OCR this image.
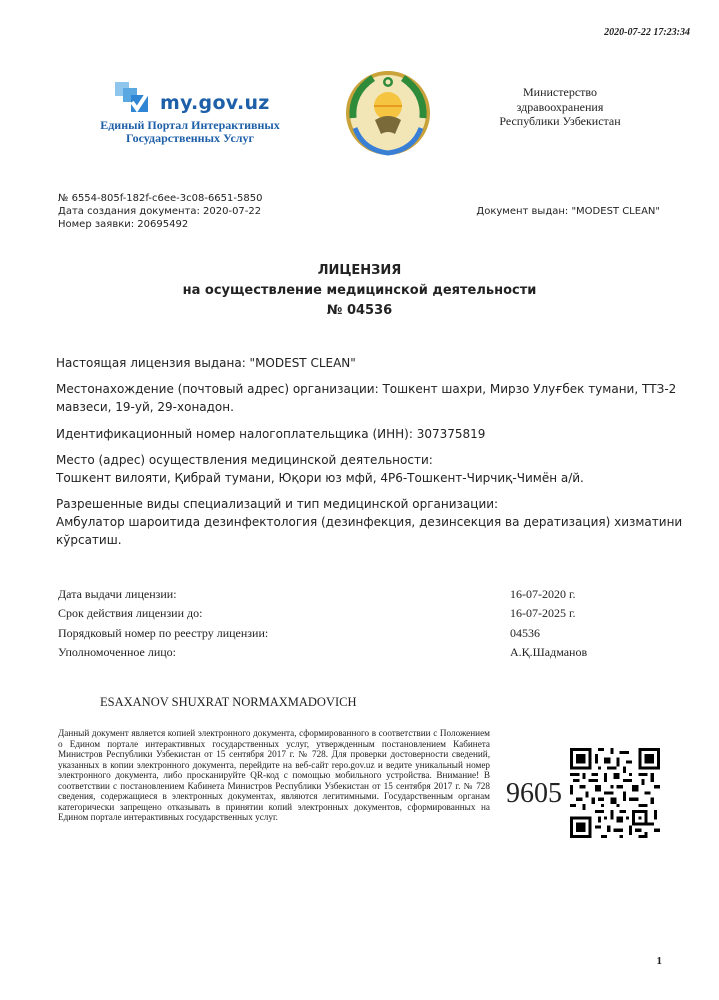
2020-07-22 17:23:34
my.gov.uz
Единый Портал Интерактивных
Государственных Услуг
Министерство
здравоохранения
Республики Узбекистан
№ 6554-805f-182f-c6ee-3c08-6651-5850
Дата создания документа: 2020-07-22
Номер заявки: 20695492
Документ выдан: "MODEST CLEAN"
ЛИЦЕНЗИЯ
на осуществление медицинской деятельности
№ 04536
Настоящая лицензия выдана: "MODEST CLEAN"
Местонахождение (почтовый адрес) организации: Тошкент шахри, Мирзо Улуғбек тумани, ТТЗ-2
мавзеси, 19-уй, 29-хонадон.
Идентификационный номер налогоплательщика (ИНН): 307375819
Место (адрес) осуществления медицинской деятельности:
Тошкент вилояти, Қибрай тумани, Юқори юз мфй, 4Р6-Тошкент-Чирчиқ-Чимён а/й.
Разрешенные виды специализаций и тип медицинской организации:
Амбулатор шароитида дезинфектология (дезинфекция, дезинсекция ва дератизация) хизматини
кўрсатиш.
Дата выдачи лицензии:	16-07-2020 г.
Срок действия лицензии до:	16-07-2025 г.
Порядковый номер по реестру лицензии:	04536
Уполномоченное лицо:	А.Қ.Шадманов
ESAXANOV SHUXRAT NORMAXMADOVICH
Данный документ является копией электронного документа, сформированного в соответствии с Положением о Едином портале интерактивных государственных услуг, утвержденным постановлением Кабинета Министров Республики Узбекистан от 15 сентября 2017 г. № 728. Для проверки достоверности сведений, указанных в копии электронного документа, перейдите на веб-сайт repo.gov.uz и ведите уникальный номер электронного документа, либо просканируйте QR-код с помощью мобильного устройства. Внимание! В соответствии с постановлением Кабинета Министров Республики Узбекистан от 15 сентября 2017 г. № 728 сведения, содержащиеся в электронных документах, являются легитимными. Государственным органам категорически запрещено отказывать в принятии копий электронных документов, сформированных на Едином портале интерактивных государственных услуг.
9605
1
